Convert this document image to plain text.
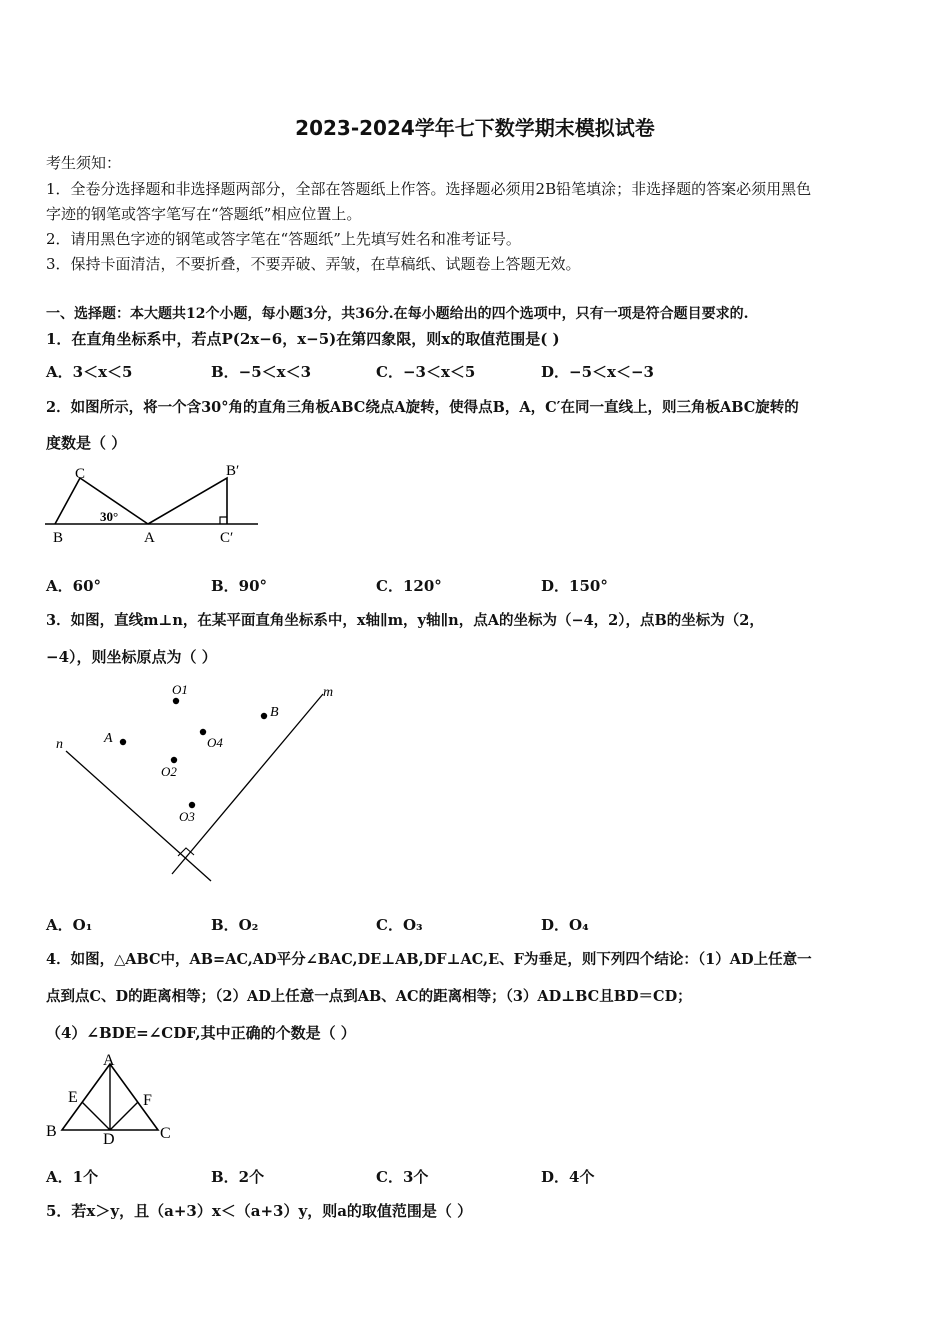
2023-2024学年七下数学期末模拟试卷
考生须知：
1．全卷分选择题和非选择题两部分，全部在答题纸上作答。选择题必须用2B铅笔填涂；非选择题的答案必须用黑色
字迹的钢笔或答字笔写在“答题纸”相应位置上。
2．请用黑色字迹的钢笔或答字笔在“答题纸”上先填写姓名和准考证号。
3．保持卡面清洁，不要折叠，不要弄破、弄皱，在草稿纸、试题卷上答题无效。
一、选择题：本大题共12个小题，每小题3分，共36分.在每小题给出的四个选项中，只有一项是符合题目要求的.
1．在直角坐标系中，若点P(2x−6，x−5)在第四象限，则x的取值范围是( )
A．3＜x＜5	B．−5＜x＜3	C．−3＜x＜5	D．−5＜x＜−3
2．如图所示，将一个含30°角的直角三角板ABC绕点A旋转，使得点B，A，C′在同一直线上，则三角板ABC旋转的
度数是（ ）
C	B′
30°
B	A	C′
A．60°	B．90°	C．120°	D．150°
3．如图，直线m⊥n，在某平面直角坐标系中，x轴∥m，y轴∥n，点A的坐标为（−4，2），点B的坐标为（2，
−4），则坐标原点为（ ）
m
n	A
B
O1
O2
O3
O4
A．O₁	B．O₂	C．O₃	D．O₄
4．如图，△ABC中，AB=AC,AD平分∠BAC,DE⊥AB,DF⊥AC,E、F为垂足，则下列四个结论：（1）AD上任意一
点到点C、D的距离相等；（2）AD上任意一点到AB、AC的距离相等；（3）AD⊥BC且BD＝CD；
（4）∠BDE=∠CDF,其中正确的个数是（ ）
A
E	F
B	D	C
A．1个	B．2个	C．3个	D．4个
5．若x＞y，且（a+3）x＜（a+3）y，则a的取值范围是（ ）
